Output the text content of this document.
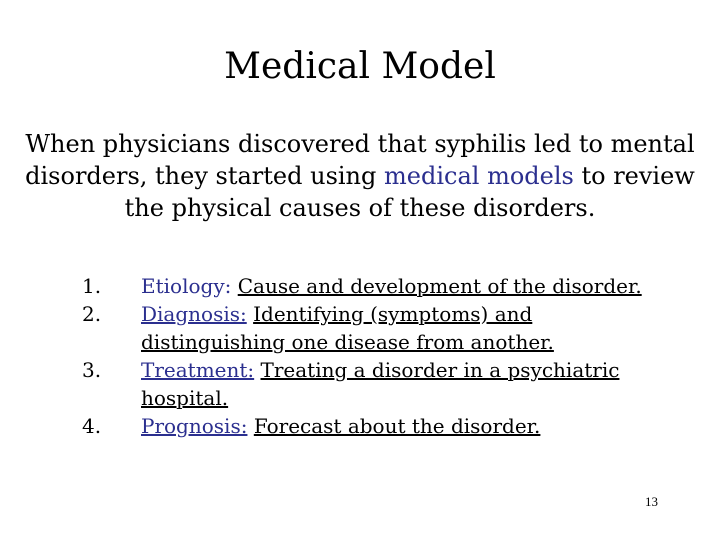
Medical Model
When physicians discovered that syphilis led to mental disorders, they started using medical models to review the physical causes of these disorders.
1.	Etiology: Cause and development of the disorder.
2.	Diagnosis: Identifying (symptoms) and distinguishing one disease from another.
3.	Treatment: Treating a disorder in a psychiatric hospital.
4.	Prognosis: Forecast about the disorder.
13
